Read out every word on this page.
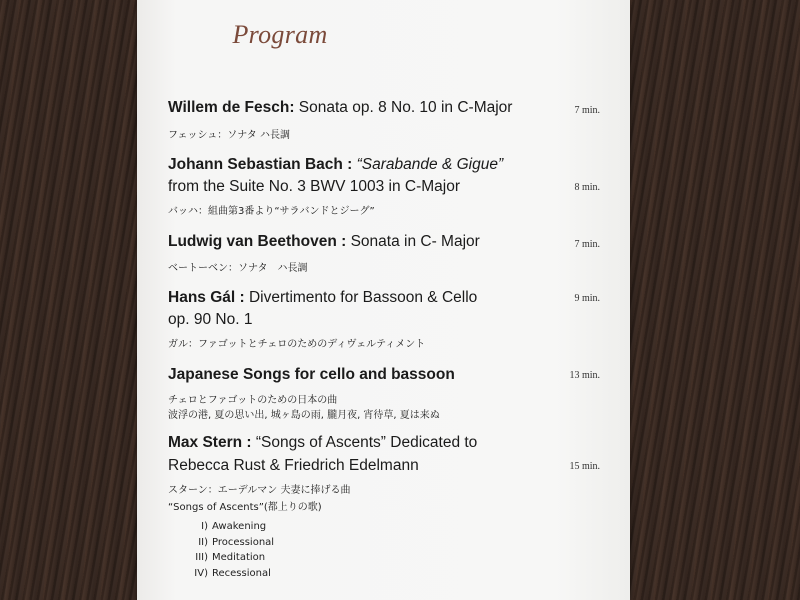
Program
Willem de Fesch: Sonata op. 8 No. 10 in C-Major	7 min.
フェッシュ：ソナタ ハ長調
Johann Sebastian Bach : “Sarabande & Gigue”
from the Suite No. 3 BWV 1003 in C-Major	8 min.
バッハ：組曲第3番より“サラバンドとジーグ”
Ludwig van Beethoven : Sonata in C- Major	7 min.
ベートーベン：ソナタ　ハ長調
Hans Gál : Divertimento for Bassoon & Cello	9 min.
op. 90 No. 1
ガル：ファゴットとチェロのためのディヴェルティメント
Japanese Songs for cello and bassoon	13 min.
チェロとファゴットのための日本の曲
波浮の港, 夏の思い出, 城ヶ島の雨, 朧月夜, 宵待草, 夏は来ぬ
Max Stern : “Songs of Ascents” Dedicated to
Rebecca Rust & Friedrich Edelmann	15 min.
スターン：エーデルマン 夫妻に捧げる曲
“Songs of Ascents”(都上りの歌)
I) Awakening
II) Processional
III) Meditation
IV) Recessional
